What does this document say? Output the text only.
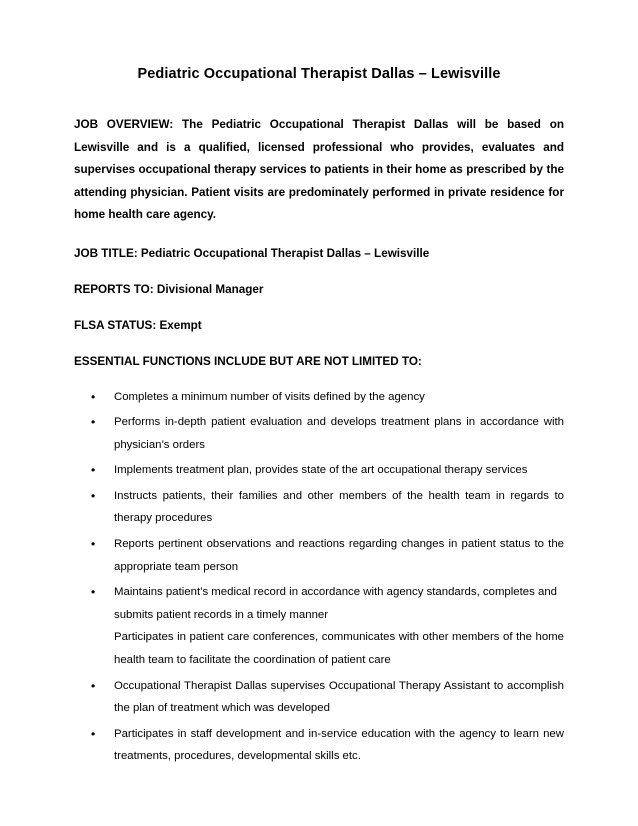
Pediatric Occupational Therapist Dallas – Lewisville

JOB OVERVIEW: The Pediatric Occupational Therapist Dallas will be based on Lewisville and is a qualified, licensed professional who provides, evaluates and supervises occupational therapy services to patients in their home as prescribed by the attending physician. Patient visits are predominately performed in private residence for home health care agency.

JOB TITLE: Pediatric Occupational Therapist Dallas – Lewisville
REPORTS TO: Divisional Manager
FLSA STATUS: Exempt
ESSENTIAL FUNCTIONS INCLUDE BUT ARE NOT LIMITED TO:
• Completes a minimum number of visits defined by the agency
• Performs in-depth patient evaluation and develops treatment plans in accordance with physician’s orders
• Implements treatment plan, provides state of the art occupational therapy services
• Instructs patients, their families and other members of the health team in regards to therapy procedures
• Reports pertinent observations and reactions regarding changes in patient status to the appropriate team person
• Maintains patient’s medical record in accordance with agency standards, completes and
submits patient records in a timely manner
Participates in patient care conferences, communicates with other members of the home health team to facilitate the coordination of patient care
• Occupational Therapist Dallas supervises Occupational Therapy Assistant to accomplish the plan of treatment which was developed
• Participates in staff development and in-service education with the agency to learn new treatments, procedures, developmental skills etc.
